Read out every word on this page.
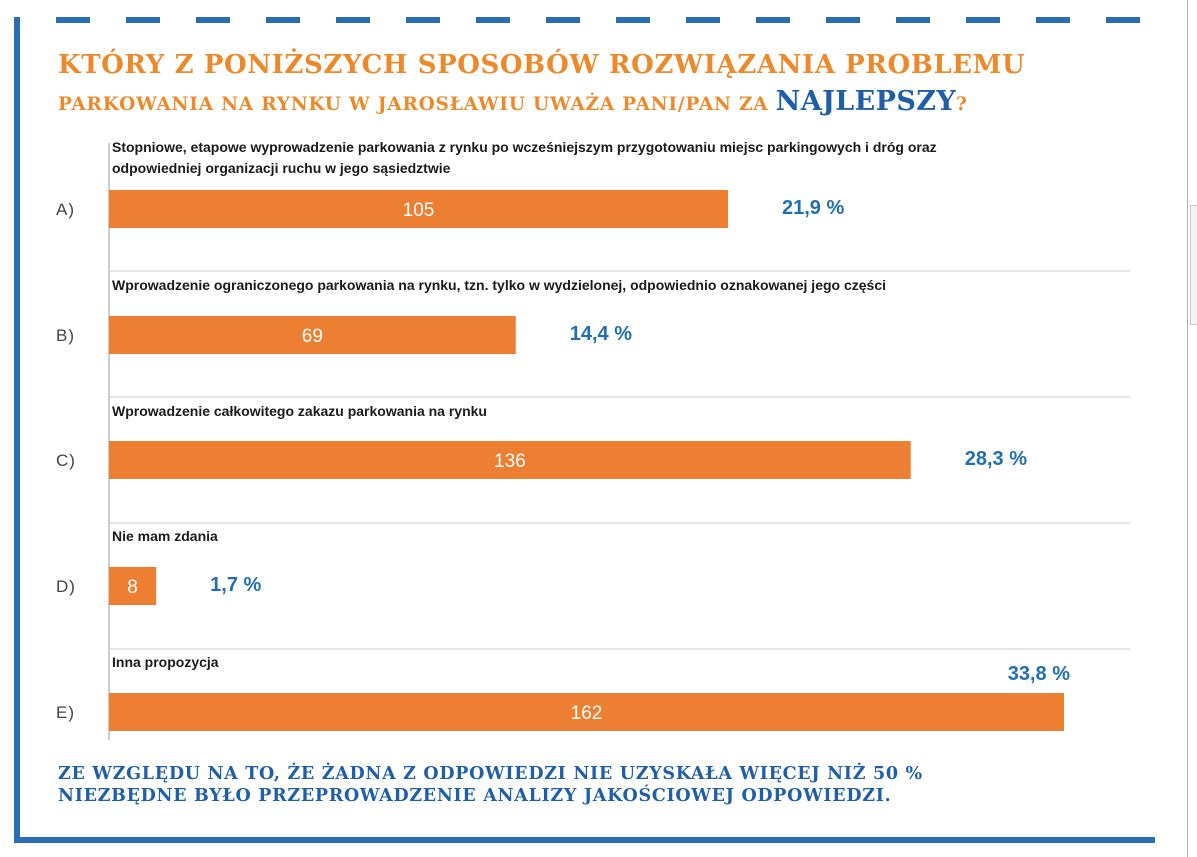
KTÓRY Z PONIŻSZYCH SPOSOBÓW ROZWIĄZANIA PROBLEMU
PARKOWANIA NA RYNKU W JAROSŁAWIU UWAŻA PANI/PAN ZA NAJLEPSZY?
Stopniowe, etapowe wyprowadzenie parkowania z rynku po wcześniejszym przygotowaniu miejsc parkingowych i dróg oraz
odpowiedniej organizacji ruchu w jego sąsiedztwie
105
A)	21,9 %
Wprowadzenie ograniczonego parkowania na rynku, tzn. tylko w wydzielonej, odpowiednio oznakowanej jego części
69
B)	14,4 %
Wprowadzenie całkowitego zakazu parkowania na rynku
136
C)	28,3 %
Nie mam zdania
8
D)	1,7 %
Inna propozycja
162
E)
33,8 %

ZE WZGLĘDU NA TO, ŻE ŻADNA Z ODPOWIEDZI NIE UZYSKAŁA WIĘCEJ NIŻ 50 %

NIEZBĘDNE BYŁO PRZEPROWADZENIE ANALIZY JAKOŚCIOWEJ ODPOWIEDZI.
